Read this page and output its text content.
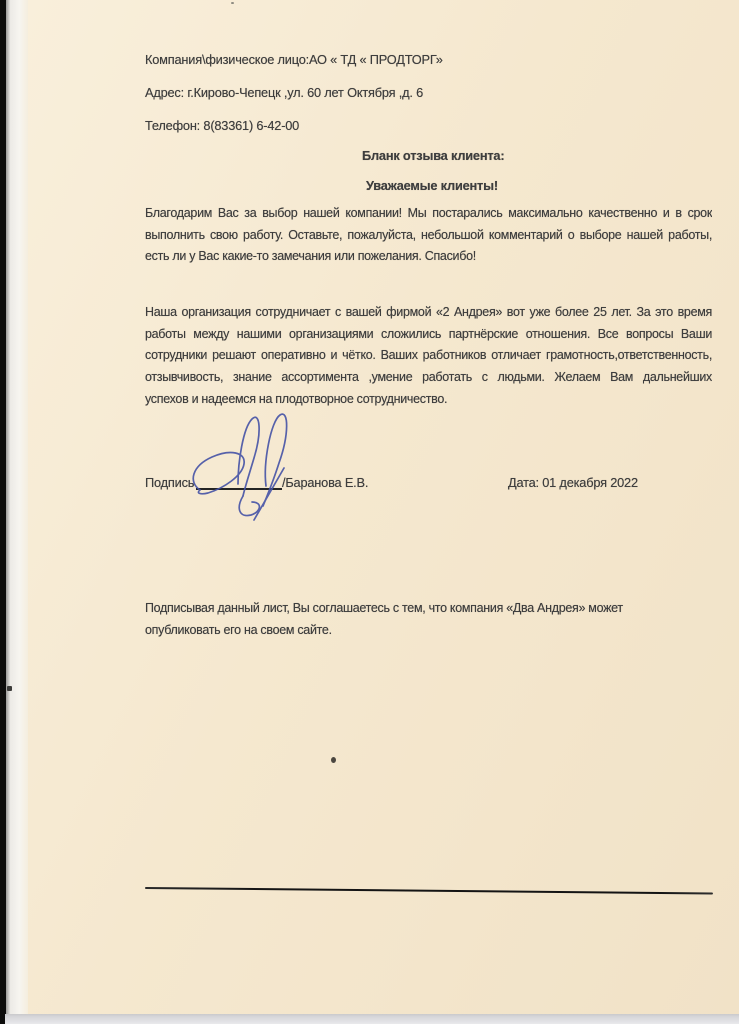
Компания\физическое лицо:АО « ТД « ПРОДТОРГ»
Адрес: г.Кирово-Чепецк ,ул. 60 лет Октября ,д. 6
Телефон: 8(83361) 6-42-00
Бланк отзыва клиента:
Уважаемые клиенты!
Благодарим Вас за выбор нашей компании! Мы постарались максимально качественно и в срок
выполнить свою работу. Оставьте, пожалуйста, небольшой комментарий о выборе нашей работы,
есть ли у Вас какие-то замечания или пожелания. Спасибо!
Наша организация сотрудничает с вашей фирмой «2 Андрея» вот уже более 25 лет. За это время
работы между нашими организациями сложились партнёрские отношения. Все вопросы Ваши
сотрудники решают оперативно и чётко. Ваших работников отличает грамотность,ответственность,
отзывчивость, знание ассортимента ,умение работать с людьми. Желаем Вам дальнейших
успехов и надеемся на плодотворное сотрудничество.
Подпись	/Баранова Е.В.	Дата: 01 декабря 2022
Подписывая данный лист, Вы соглашаетесь с тем, что компания «Два Андрея» может
опубликовать его на своем сайте.
